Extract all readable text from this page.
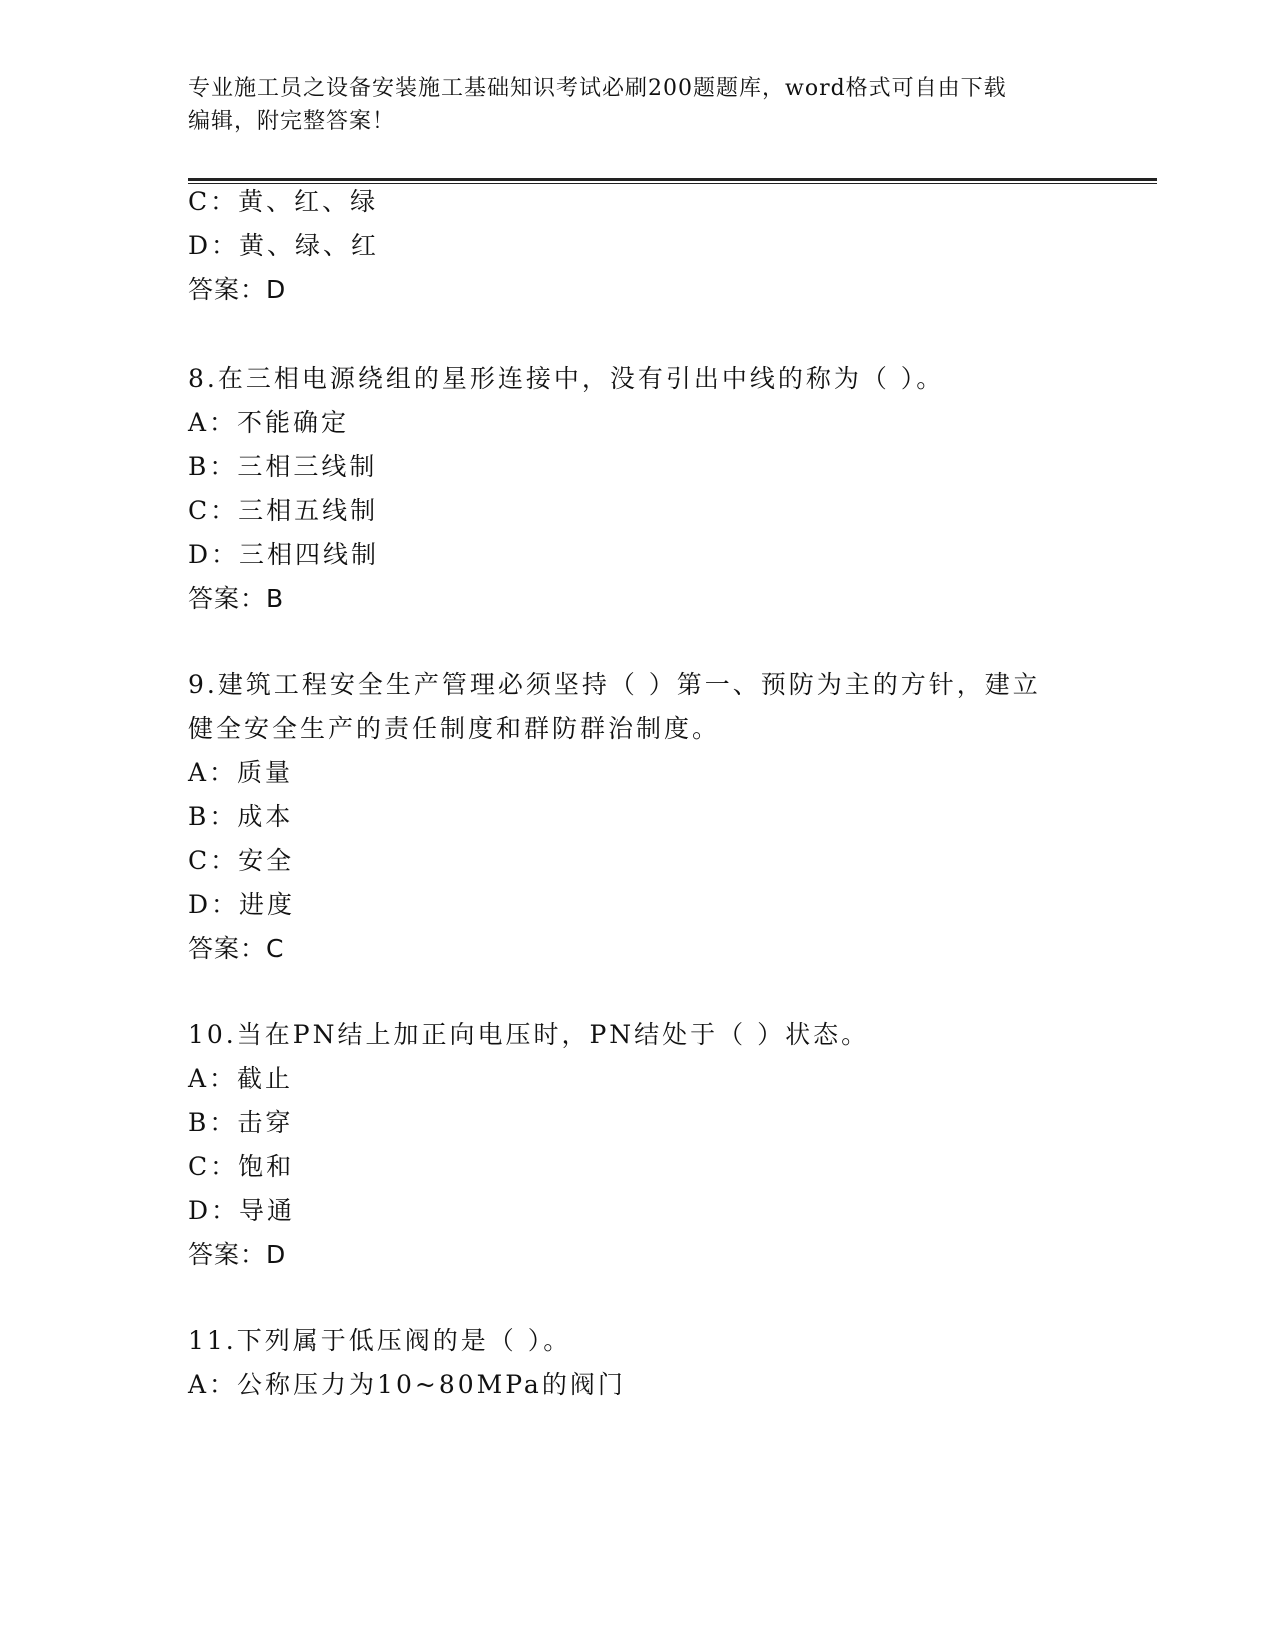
专业施工员之设备安装施工基础知识考试必刷200题题库，word格式可自由下载
编辑，附完整答案！
C：黄、红、绿
D：黄、绿、红
答案：D
8.在三相电源绕组的星形连接中，没有引出中线的称为（ ）。
A：不能确定
B：三相三线制
C：三相五线制
D：三相四线制
答案：B
9.建筑工程安全生产管理必须坚持（ ）第一、预防为主的方针，建立
健全安全生产的责任制度和群防群治制度。
A：质量
B：成本
C：安全
D：进度
答案：C
10.当在PN结上加正向电压时，PN结处于（ ）状态。
A：截止
B：击穿
C：饱和
D：导通
答案：D
11.下列属于低压阀的是（ ）。
A：公称压力为10~80MPa的阀门
